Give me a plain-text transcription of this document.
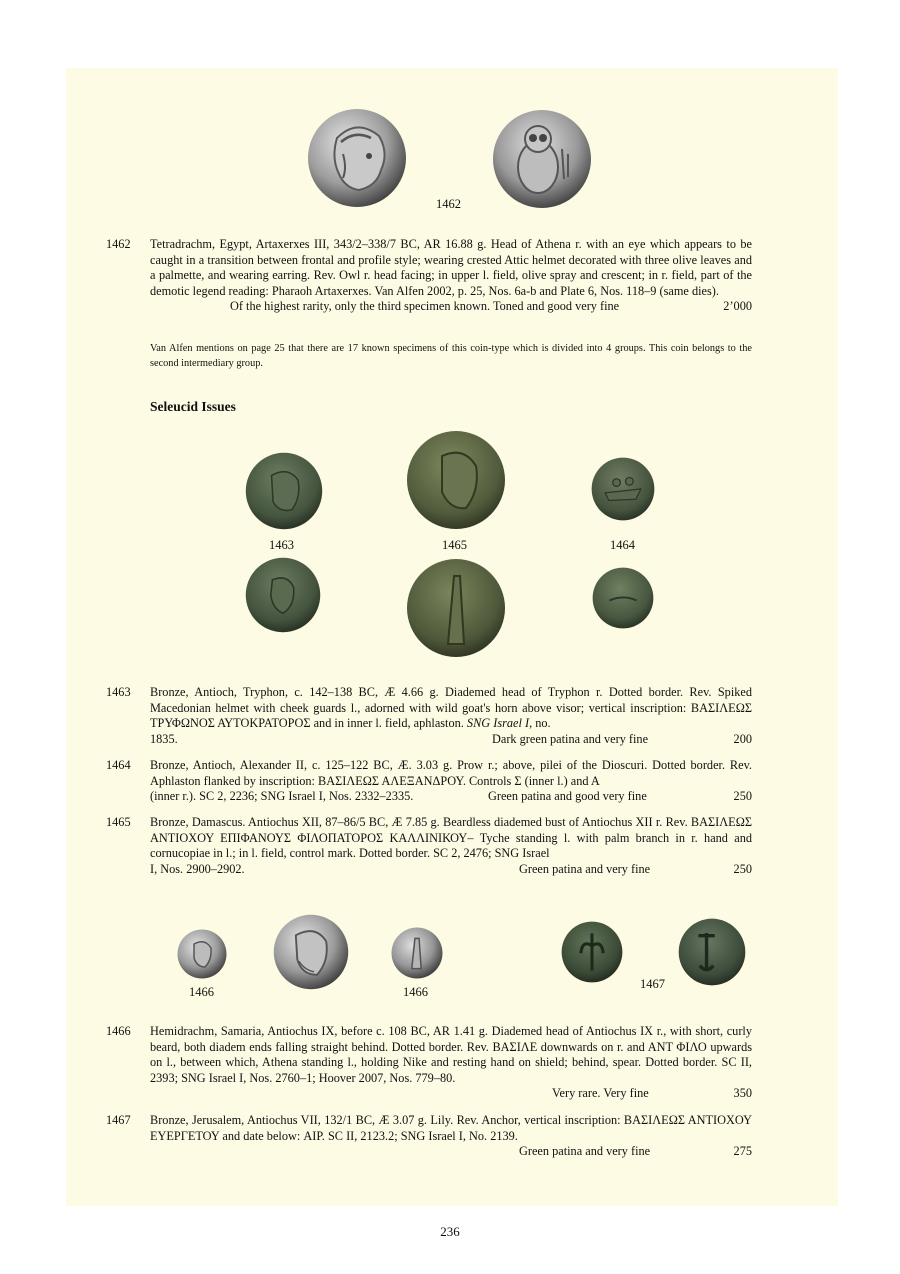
1462
1462 Tetradrachm, Egypt, Artaxerxes III, 343/2–338/7 BC, AR 16.88 g. Head of Athena r. with an eye which appears to be caught in a transition between frontal and profile style; wearing crested Attic helmet decorated with three olive leaves and a palmette, and wearing earring. Rev. Owl r. head facing; in upper l. field, olive spray and crescent; in r. field, part of the demotic legend reading: Pharaoh Artaxerxes. Van Alfen 2002, p. 25, Nos. 6a-b and Plate 6, Nos. 118–9 (same dies).
Of the highest rarity, only the third specimen known. Toned and good very fine	2’000
Van Alfen mentions on page 25 that there are 17 known specimens of this coin-type which is divided into 4 groups. This coin belongs to the second intermediary group.
Seleucid Issues
1463	1465	1464
1463 Bronze, Antioch, Tryphon, c. 142–138 BC, Æ 4.66 g. Diademed head of Tryphon r. Dotted border. Rev. Spiked Macedonian helmet with cheek guards l., adorned with wild goat's horn above visor; vertical inscription: ΒΑΣΙΛΕΩΣ ΤΡΥΦΩΝΟΣ ΑΥΤΟΚΡΑΤΟΡΟΣ and in inner l. field, aphlaston. SNG Israel I, no.
1835.	Dark green patina and very fine	200
1464 Bronze, Antioch, Alexander II, c. 125–122 BC, Æ. 3.03 g. Prow r.; above, pilei of the Dioscuri. Dotted border. Rev. Aphlaston flanked by inscription: ΒΑΣΙΛΕΩΣ ΑΛΕΞΑΝΔΡΟΥ. Controls Σ (inner l.) and A
(inner r.). SC 2, 2236; SNG Israel I, Nos. 2332–2335.	Green patina and good very fine	250
1465 Bronze, Damascus. Antiochus XII, 87–86/5 BC, Æ 7.85 g. Beardless diademed bust of Antiochus XII r. Rev. ΒΑΣΙΛΕΩΣ ΑΝΤΙΟΧΟΥ ΕΠΙΦΑΝΟΥΣ ΦΙΛΟΠΑΤΟΡΟΣ ΚΑΛΛΙΝΙΚΟΥ– Tyche standing l. with palm branch in r. hand and cornucopiae in l.; in l. field, control mark. Dotted border. SC 2, 2476; SNG Israel
I, Nos. 2900–2902.	Green patina and very fine	250
1466	1466
1467
1466 Hemidrachm, Samaria, Antiochus IX, before c. 108 BC, AR 1.41 g. Diademed head of Antiochus IX r., with short, curly beard, both diadem ends falling straight behind. Dotted border. Rev. ΒΑΣΙΛΕ downwards on r. and ANT ΦΙΛΟ upwards on l., between which, Athena standing l., holding Nike and resting hand on shield; behind, spear. Dotted border. SC II, 2393; SNG Israel I, Nos. 2760–1; Hoover 2007, Nos. 779–80.
Very rare. Very fine	350
1467 Bronze, Jerusalem, Antiochus VII, 132/1 BC, Æ 3.07 g. Lily. Rev. Anchor, vertical inscription: ΒΑΣΙΛΕΩΣ ΑΝΤΙΟΧΟΥ ΕΥΕΡΓΕΤΟΥ and date below: ΑΙΡ. SC II, 2123.2; SNG Israel I, No. 2139.
Green patina and very fine	275
236
